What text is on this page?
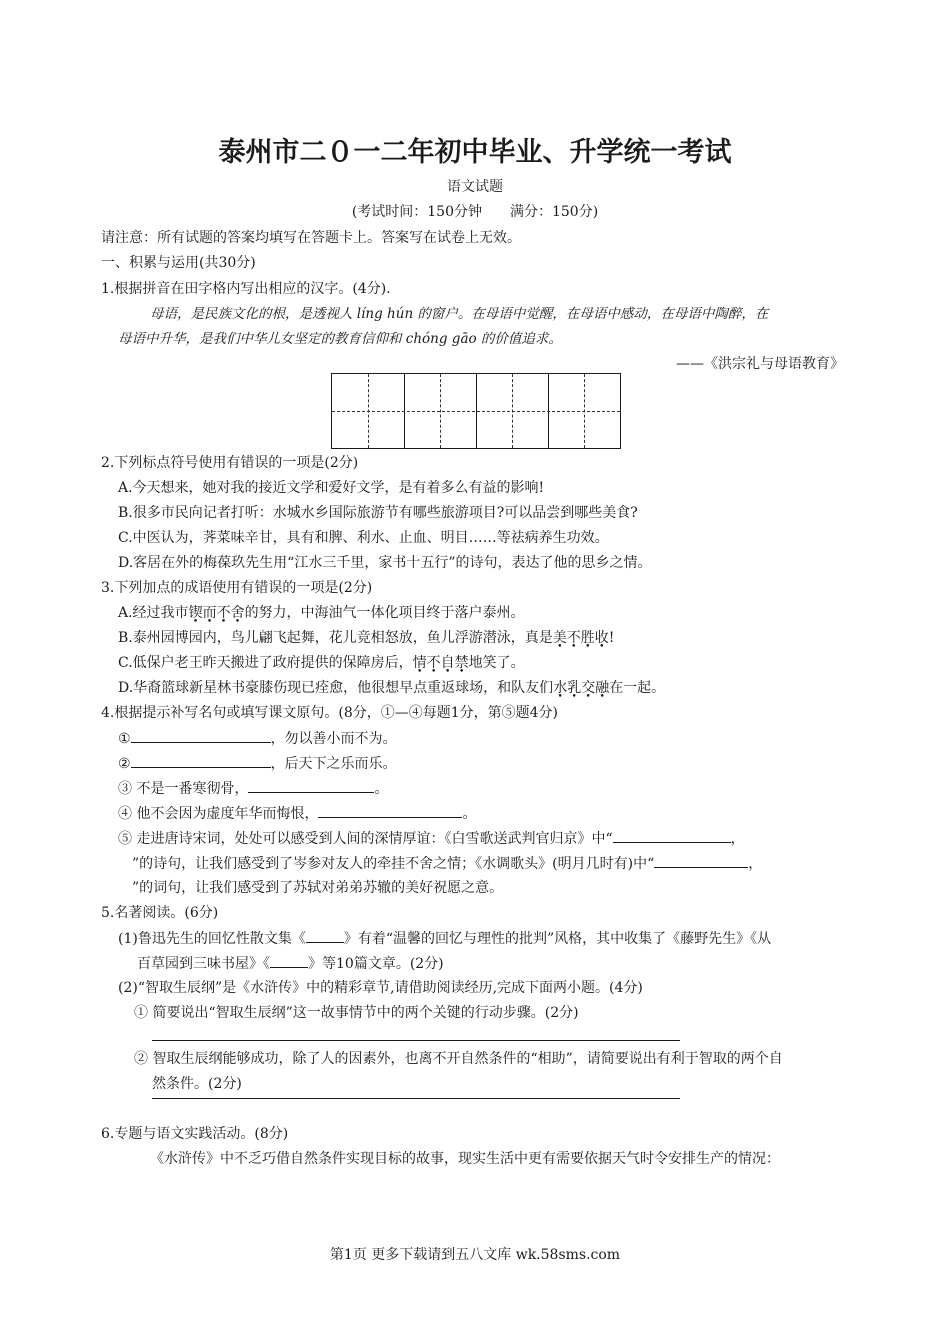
泰州市二０一二年初中毕业、升学统一考试
语文试题
(考试时间：150分钟　　满分：150分)
请注意：所有试题的答案均填写在答题卡上。答案写在试卷上无效。
一、积累与运用(共30分)
1.根据拼音在田字格内写出相应的汉字。(4分).
母语，是民族文化的根，是透视人 líng hún 的窗户。在母语中觉醒，在母语中感动，在母语中陶醉，在
母语中升华，是我们中华儿女坚定的教育信仰和 chóng gāo 的价值追求。
——《洪宗礼与母语教育》
2.下列标点符号使用有错误的一项是(2分)
A.今天想来，她对我的接近文学和爱好文学，是有着多么有益的影响!
B.很多市民向记者打听：水城水乡国际旅游节有哪些旅游项目?可以品尝到哪些美食?
C.中医认为，荠菜味辛甘，具有和脾、利水、止血、明目……等祛病养生功效。
D.客居在外的梅葆玖先生用“江水三千里，家书十五行”的诗句，表达了他的思乡之情。
3.下列加点的成语使用有错误的一项是(2分)
A.经过我市锲而不舍的努力，中海油气一体化项目终于落户泰州。
B.泰州园博园内，鸟儿翩飞起舞，花儿竞相怒放，鱼儿浮游潜泳，真是美不胜收!
C.低保户老王昨天搬进了政府提供的保障房后，情不自禁地笑了。
D.华裔篮球新星林书豪膝伤现已痊愈，他很想早点重返球场，和队友们水乳交融在一起。
4.根据提示补写名句或填写课文原句。(8分，①—④每题1分，第⑤题4分)
①	，勿以善小而不为。
②	，后天下之乐而乐。
③ 不是一番寒彻骨，	。
④ 他不会因为虚度年华而悔恨，	。
⑤ 走进唐诗宋词，处处可以感受到人间的深情厚谊：《白雪歌送武判官归京》中“	，
”的诗句，让我们感受到了岑参对友人的牵挂不舍之情；《水调歌头》(明月几时有)中“	，
”的词句，让我们感受到了苏轼对弟弟苏辙的美好祝愿之意。
5.名著阅读。(6分)
(1)鲁迅先生的回忆性散文集《	》有着“温馨的回忆与理性的批判”风格，其中收集了《藤野先生》《从
百草园到三味书屋》《	》等10篇文章。(2分)
(2)“智取生辰纲”是《水浒传》中的精彩章节,请借助阅读经历,完成下面两小题。(4分)
① 简要说出“智取生辰纲”这一故事情节中的两个关键的行动步骤。(2分)
② 智取生辰纲能够成功，除了人的因素外，也离不开自然条件的“相助”，请简要说出有利于智取的两个自
然条件。(2分)
6.专题与语文实践活动。(8分)
《水浒传》中不乏巧借自然条件实现目标的故事，现实生活中更有需要依据天气时令安排生产的情况：
第1页 更多下载请到五八文库 wk.58sms.com
